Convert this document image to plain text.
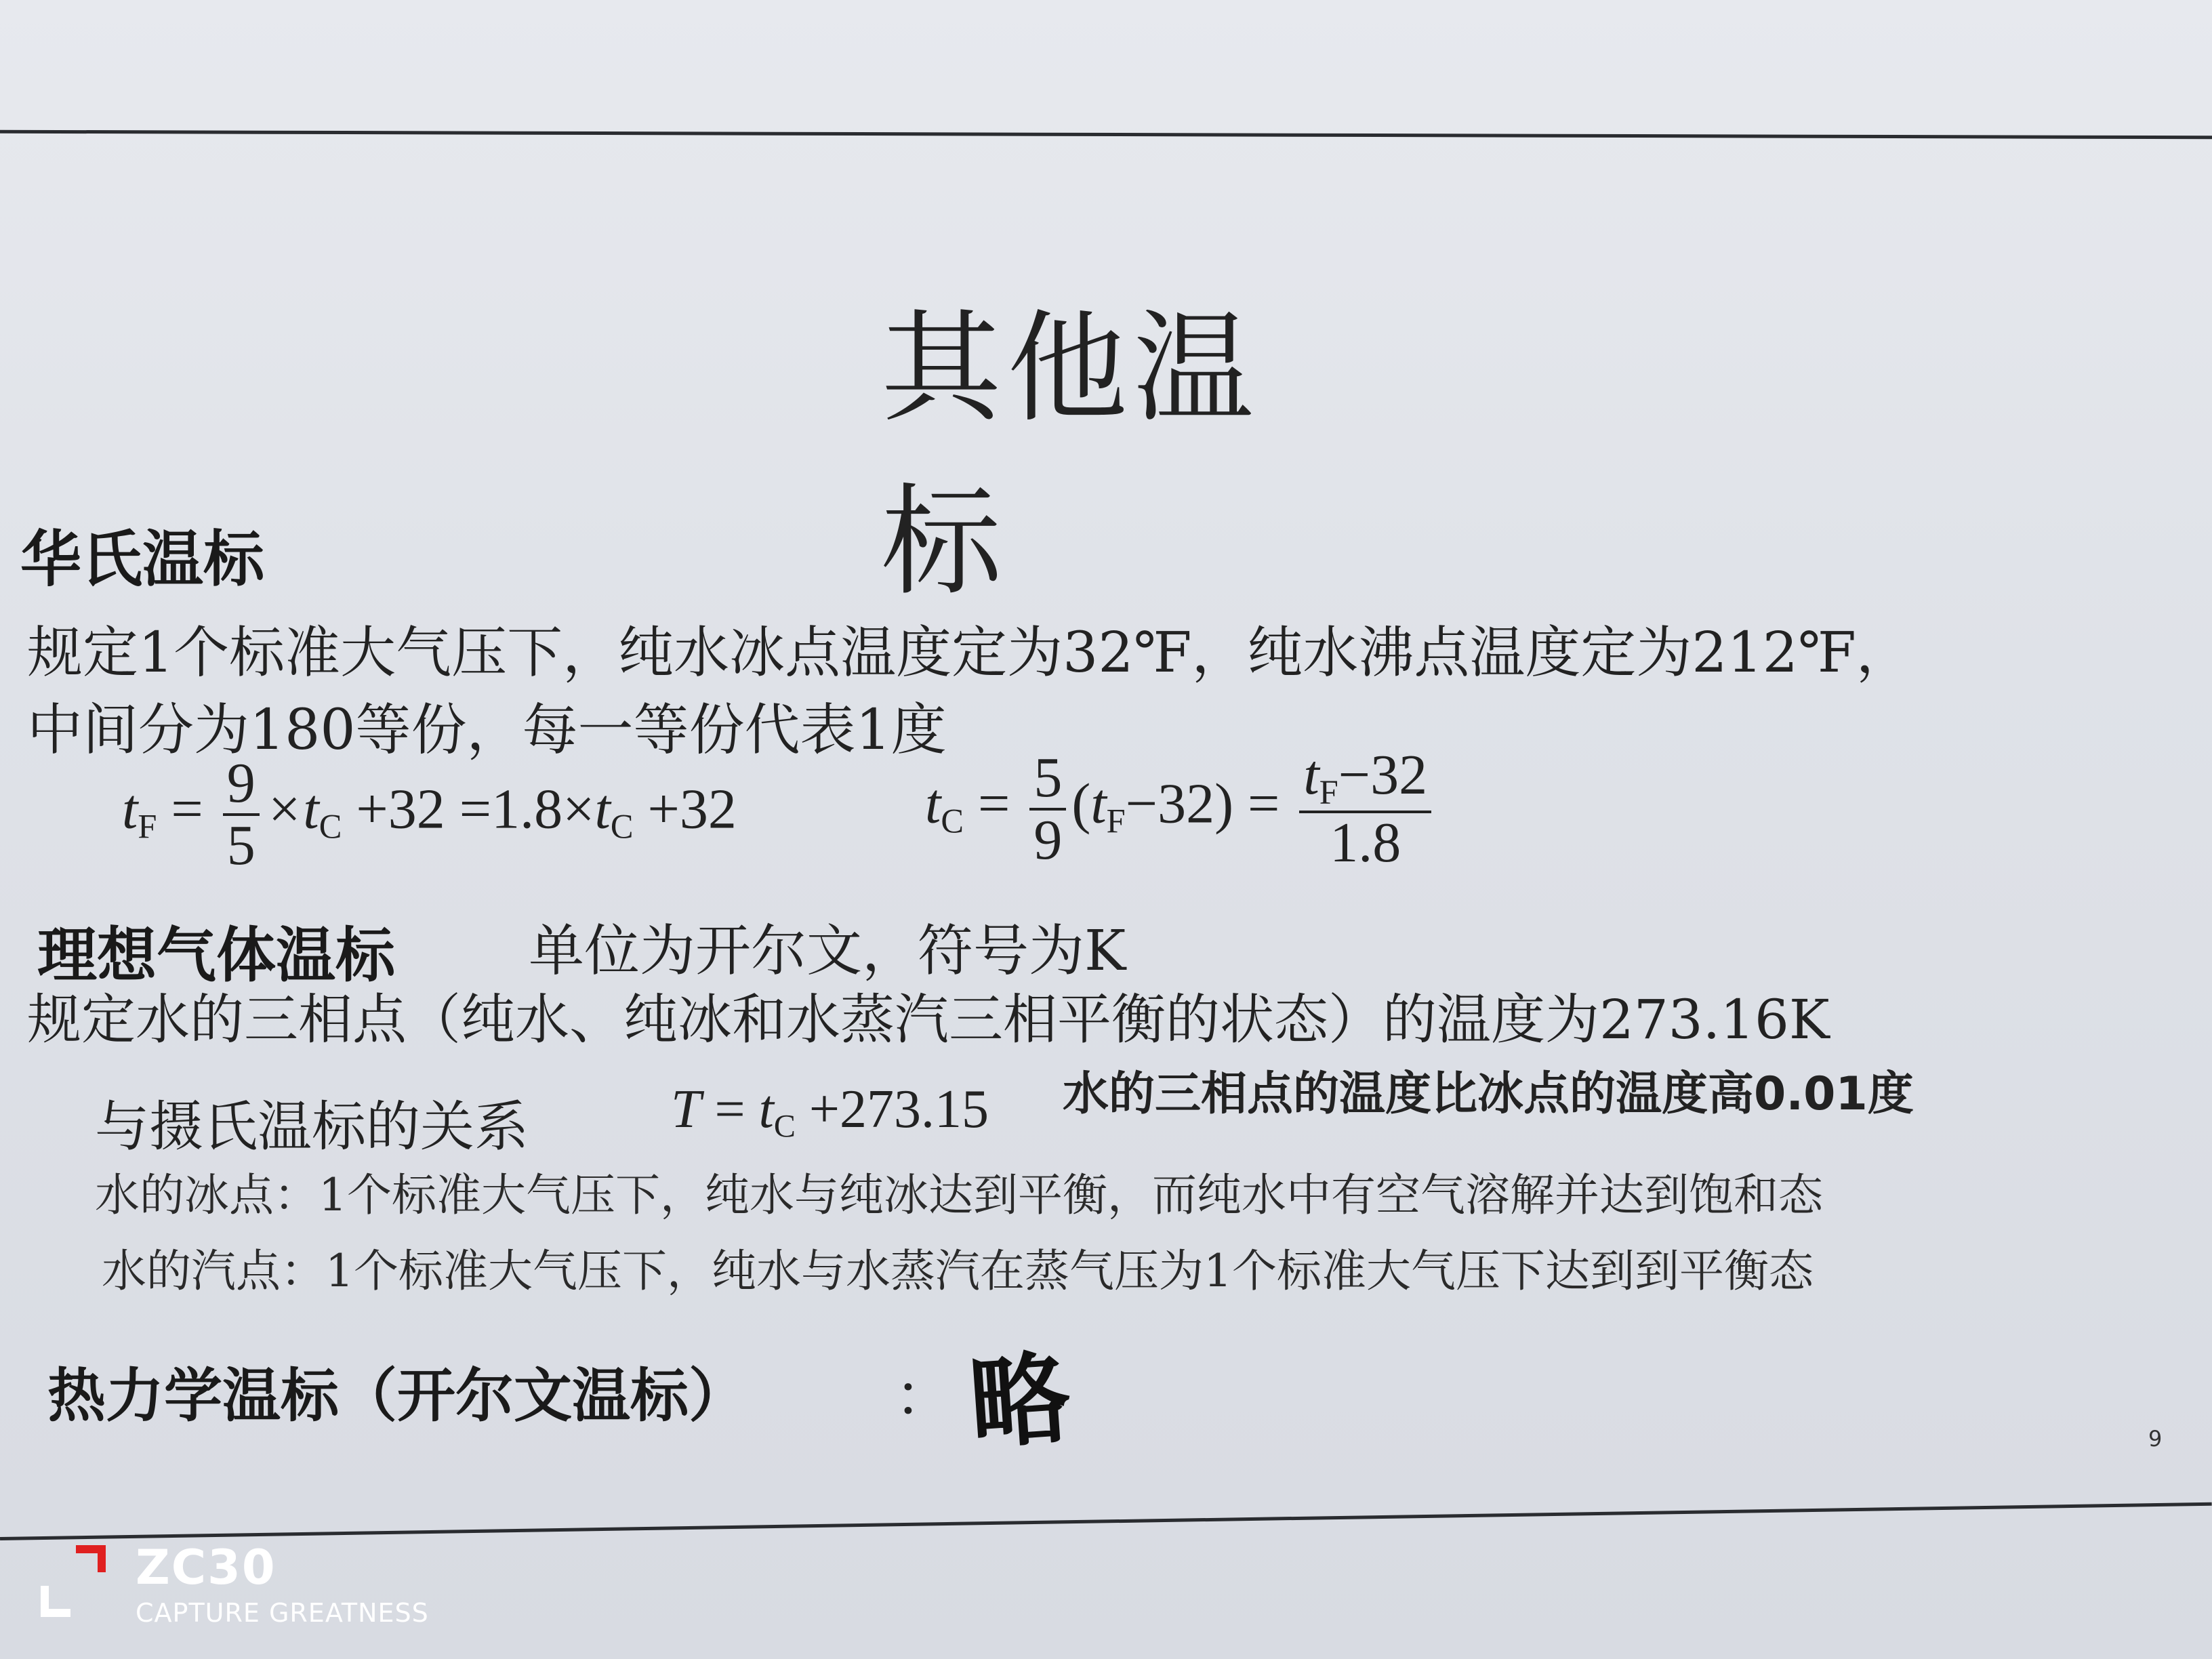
其他温标
华氏温标
规定1个标准大气压下，纯水冰点温度定为32℉，纯水沸点温度定为212℉，
中间分为180等份，每一等份代表1度
$t_F = \frac{9}{5} \times t_C +32 =1.8\times t_C +32$	$t_C = \frac{5}{9} (t_F-32) = \frac{t_F-32}{1.8}$
理想气体温标 单位为开尔文，符号为K
规定水的三相点（纯水、纯冰和水蒸汽三相平衡的状态）的温度为273.16K
与摄氏温标的关系	$T = t_C +273.15$ 水的三相点的温度比冰点的温度高0.01度
水的冰点：1个标准大气压下，纯水与纯冰达到平衡，而纯水中有空气溶解并达到饱和态
水的汽点：1个标准大气压下，纯水与水蒸汽在蒸气压为1个标准大气压下达到到平衡态
热力学温标（开尔文温标）	： 略	9
ZC30
CAPTURE GREATNESS
